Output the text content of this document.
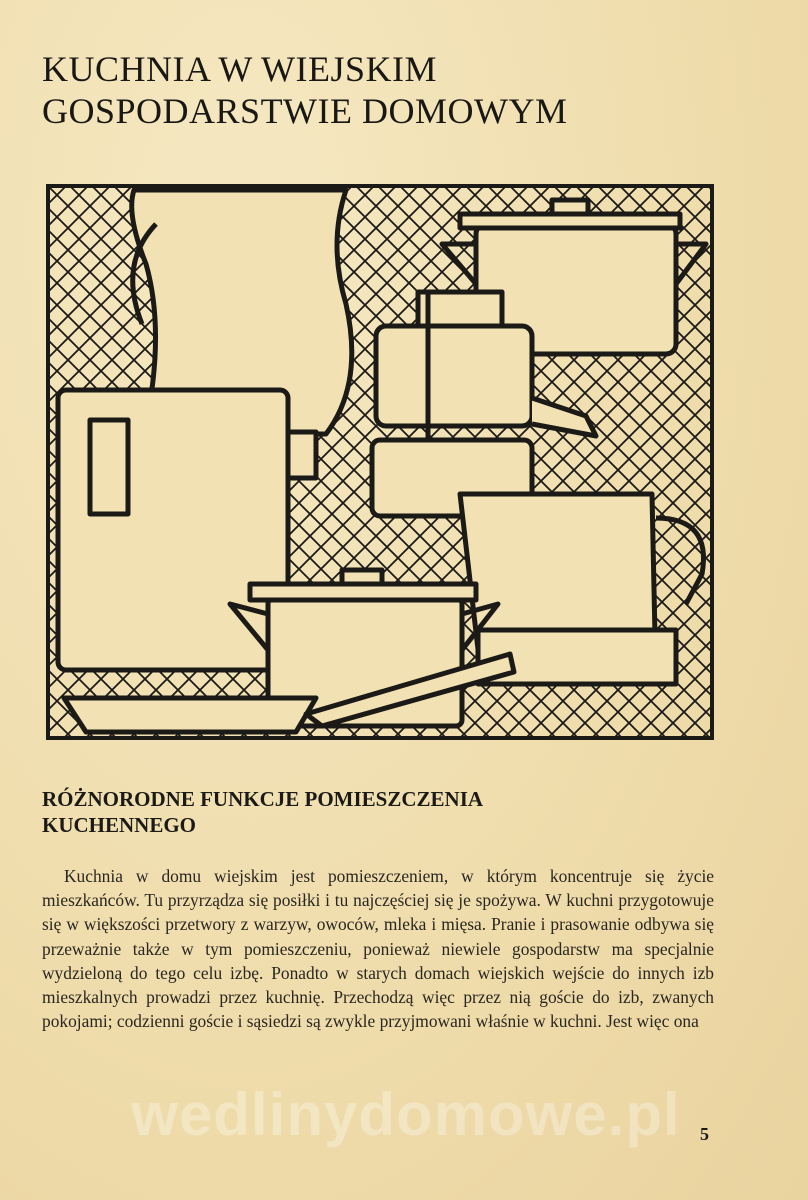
KUCHNIA W WIEJSKIM
GOSPODARSTWIE DOMOWYM
RÓŻNORODNE FUNKCJE POMIESZCZENIA
KUCHENNEGO

Kuchnia w domu wiejskim jest pomieszczeniem, w którym koncentruje się życie mieszkańców. Tu przyrządza się posiłki i tu najczęściej się je spożywa. W kuchni przygotowuje się w większości przetwory z warzyw, owoców, mleka i mięsa. Pranie i prasowanie odbywa się przeważnie także w tym pomieszczeniu, ponieważ niewiele gospodarstw ma specjalnie wydzieloną do tego celu izbę. Ponadto w starych domach wiejskich wejście do innych izb mieszkalnych prowadzi przez kuchnię. Przechodzą więc przez nią goście do izb, zwanych pokojami; codzienni goście i sąsiedzi są zwykle przyjmowani właśnie w kuchni. Jest więc ona

wedlinydomowe.pl	5
